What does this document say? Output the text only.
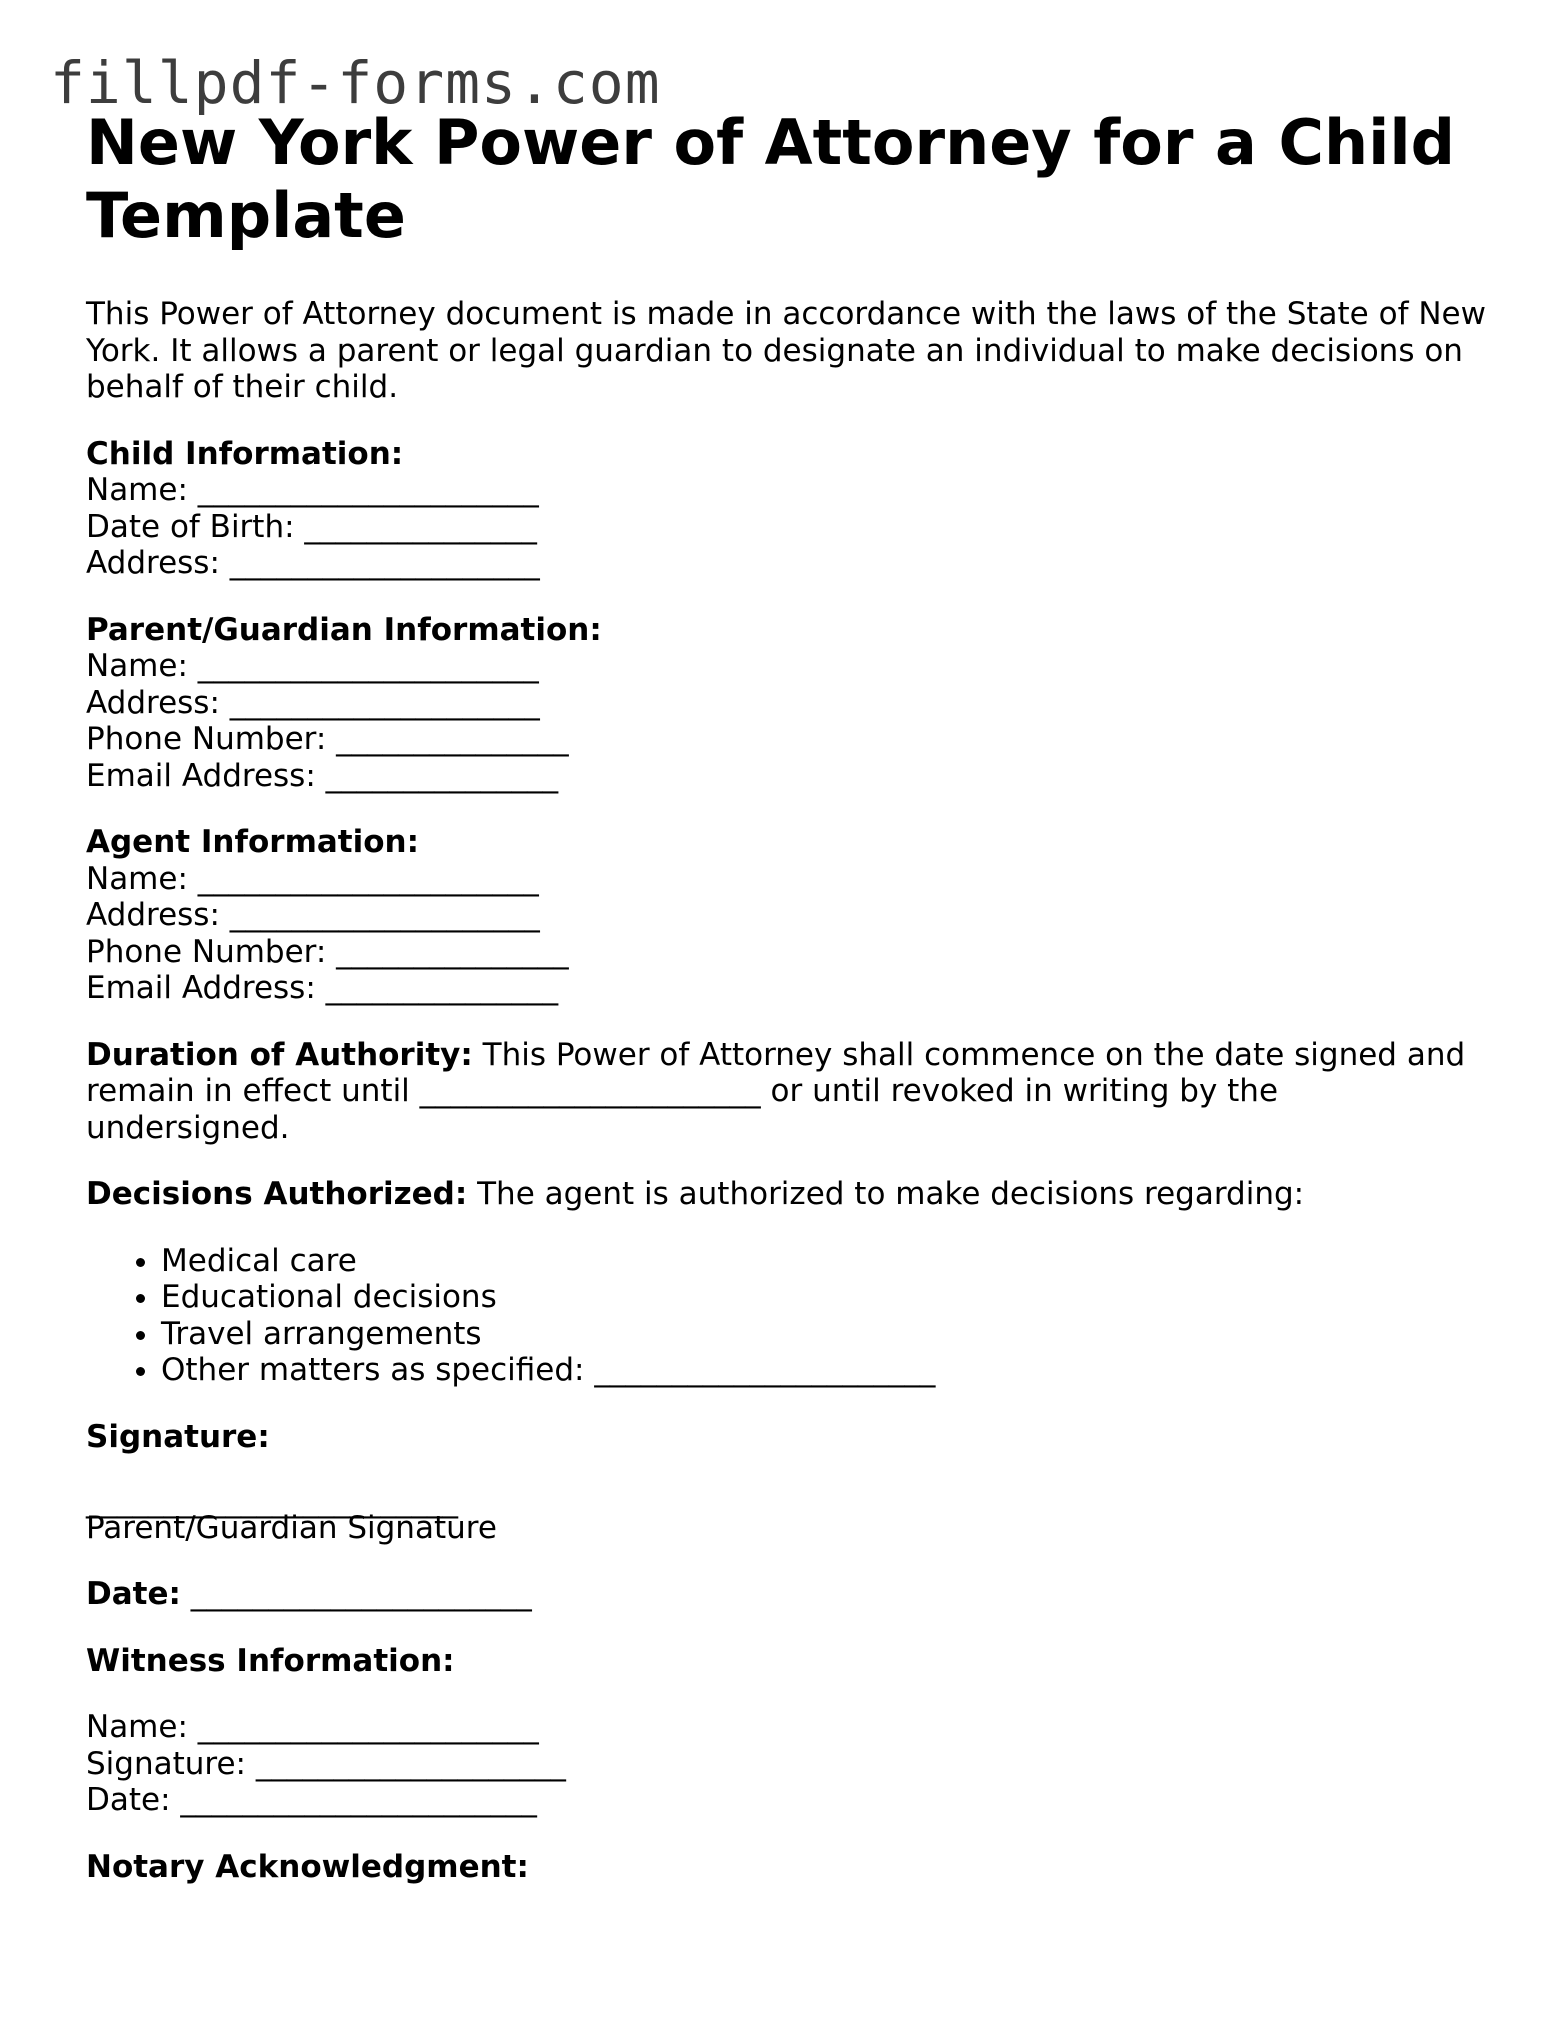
fillpdf-forms.com
New York Power of Attorney for a Child
Template
This Power of Attorney document is made in accordance with the laws of the State of New
York. It allows a parent or legal guardian to designate an individual to make decisions on
behalf of their child.
Child Information:
Name: ______________________
Date of Birth: _______________
Address: ____________________
Parent/Guardian Information:
Name: ______________________
Address: ____________________
Phone Number: _______________
Email Address: _______________
Agent Information:
Name: ______________________
Address: ____________________
Phone Number: _______________
Email Address: _______________
Duration of Authority: This Power of Attorney shall commence on the date signed and
remain in effect until ______________________ or until revoked in writing by the
undersigned.
Decisions Authorized: The agent is authorized to make decisions regarding:
• Medical care
• Educational decisions
• Travel arrangements
• Other matters as specified: ______________________
Signature:
________________________
Parent/Guardian Signature
Date: ______________________
Witness Information:
Name: ______________________
Signature: ____________________
Date: _______________________
Notary Acknowledgment:
